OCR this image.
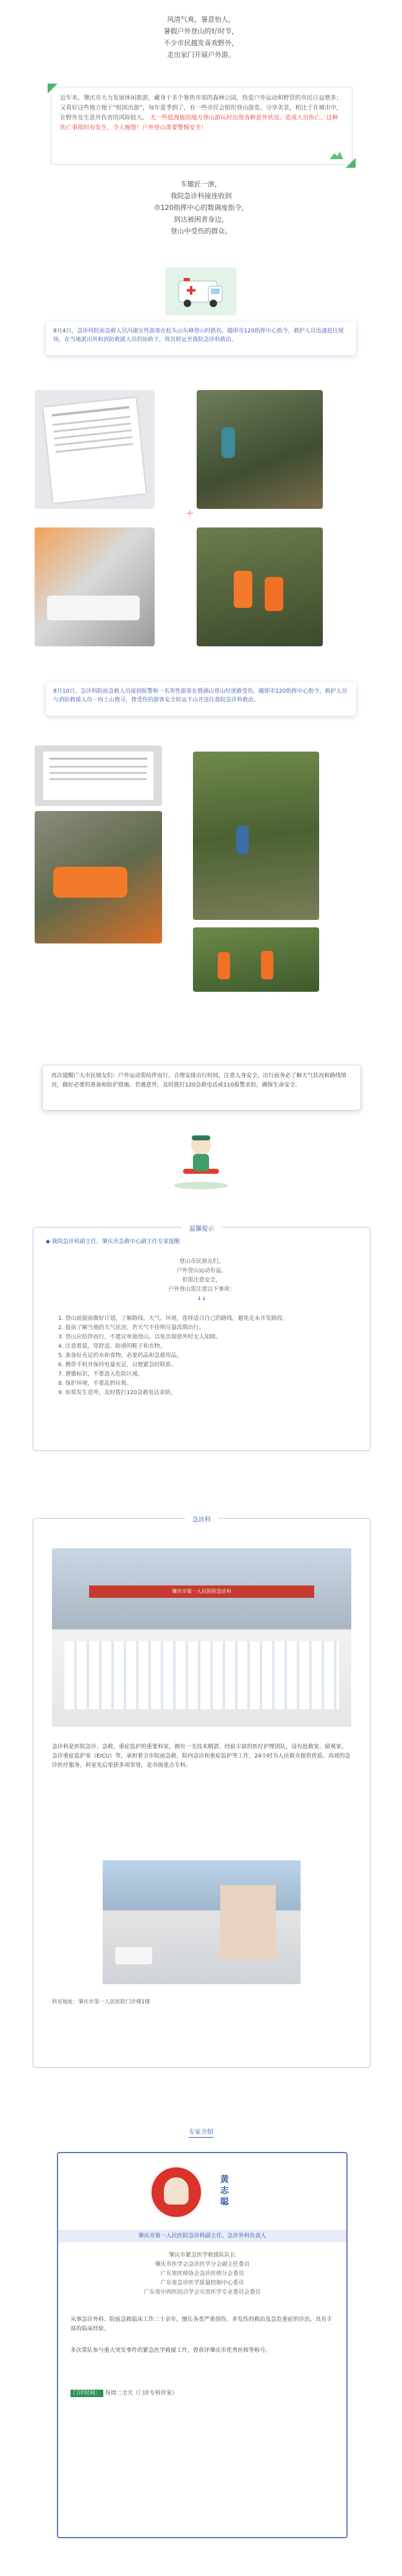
风清气爽，暑意怡人，
暑假户外登山的好时节，
不少市民越发喜欢野外，
走出家门开展户外游。
近年来，肇庆市大力发展休闲旅游，藏身于多个暑热市郊的森林公园，热爱户外运动和野营的市民日益增多；又看好这些地方便于“组团出游”，每年夏季到了，有一些市民会组织登山游览、分享美景，相比于在城市中，在野外发生意外伤害的风险较大。 尤一些低海拔的地方登山游玩时出现各种意外状况，造成人员伤亡，这种伤亡事故时有发生，令人惋惜！户外登山需要警惕安全！
车辙匠一泄，
我院急诊科接连收到
市120指挥中心的数调度指令，
到达被困者身边，
登山中受伤的群众。
8月4日，急诊科院前急救人员冯淑女性游客在松头山东峰登山时跌伤，随即市120指挥中心指令，救护人员迅速赶往现场，在当地派出所和消防救援人员的协助下，将其转运至我院急诊科救治。
8月10日，急诊科院前急救人员接到报警称一名男性游客在鼎湖山登山时迷路受伤，随即市120指挥中心指令，救护人员与消防救援人员一同上山搜寻，将受伤的游客安全转运下山并送往我院急诊科救治。
再次提醒广大市民朋友们：户外运动需结伴而行，合理安排出行时间，注意人身安全，出行前务必了解天气状况和路线情况，做好必要的准备和防护措施。若遇意外，及时拨打120急救电话或110报警求助，确保生命安全。
温馨提示
◆ 我院急诊科副主任、肇庆市急救中心副主任专家提醒
登山市民朋友们，
户外登山运动有益，
但需注意安全，
户外登山需注意以下事项：
↓↓
1. 登山前提前做好计划，了解路线、天气、环境，选择适合自己的路线，避免走未开发路段。
2. 提前了解当地的天气状况，若天气不佳则尽量改期出行。
3. 登山应结伴而行，不建议单独登山，以免出现意外时无人知晓。
4. 注意着装，穿舒适、防滑的鞋子和衣物。
5. 准备好充足的水和食物，必要药品和急救用品。
6. 携带手机并保持电量充足，以便紧急时联系。
7. 遵循标识，不要进入危险区域。
8. 保护环境，不要乱扔垃圾。
9. 如果发生意外，及时拨打120急救电话求助。
急诊科
肇庆市第一人民医院急诊科
急诊科是医院急诊、急救、重症监护的重要科室，拥有一支技术精湛、经验丰富的医疗护理团队，设有抢救室、留观室、急诊重症监护室（EICU）等，承担着全市院前急救、院内急诊和重症监护等工作，24小时为人民群众提供优质、高效的急诊医疗服务。科室先后荣获多项荣誉，是市级重点专科。
科室地址：肇庆市第一人民医院门诊楼1楼
专家介绍
黄志聪
肇庆市第一人民医院急诊科副主任、急诊外科负责人
肇庆市紧急医学救援队队长
肇庆市医学会急诊医学分会副主任委员
广东省医师协会急诊医师分会委员
广东省急诊医学质量控制中心委员
广东省中西医结合学会灾害医学专业委员会委员
从事急诊外科、院前急救临床工作二十余年，擅长各类严重创伤、多发伤的救治及急危重症的诊治，具有丰富的临床经验。
多次带队参与重大突发事件的紧急医学救援工作，曾获评肇庆市优秀医师等称号。
门诊时间： 每周二全天（门诊专科诊室）
